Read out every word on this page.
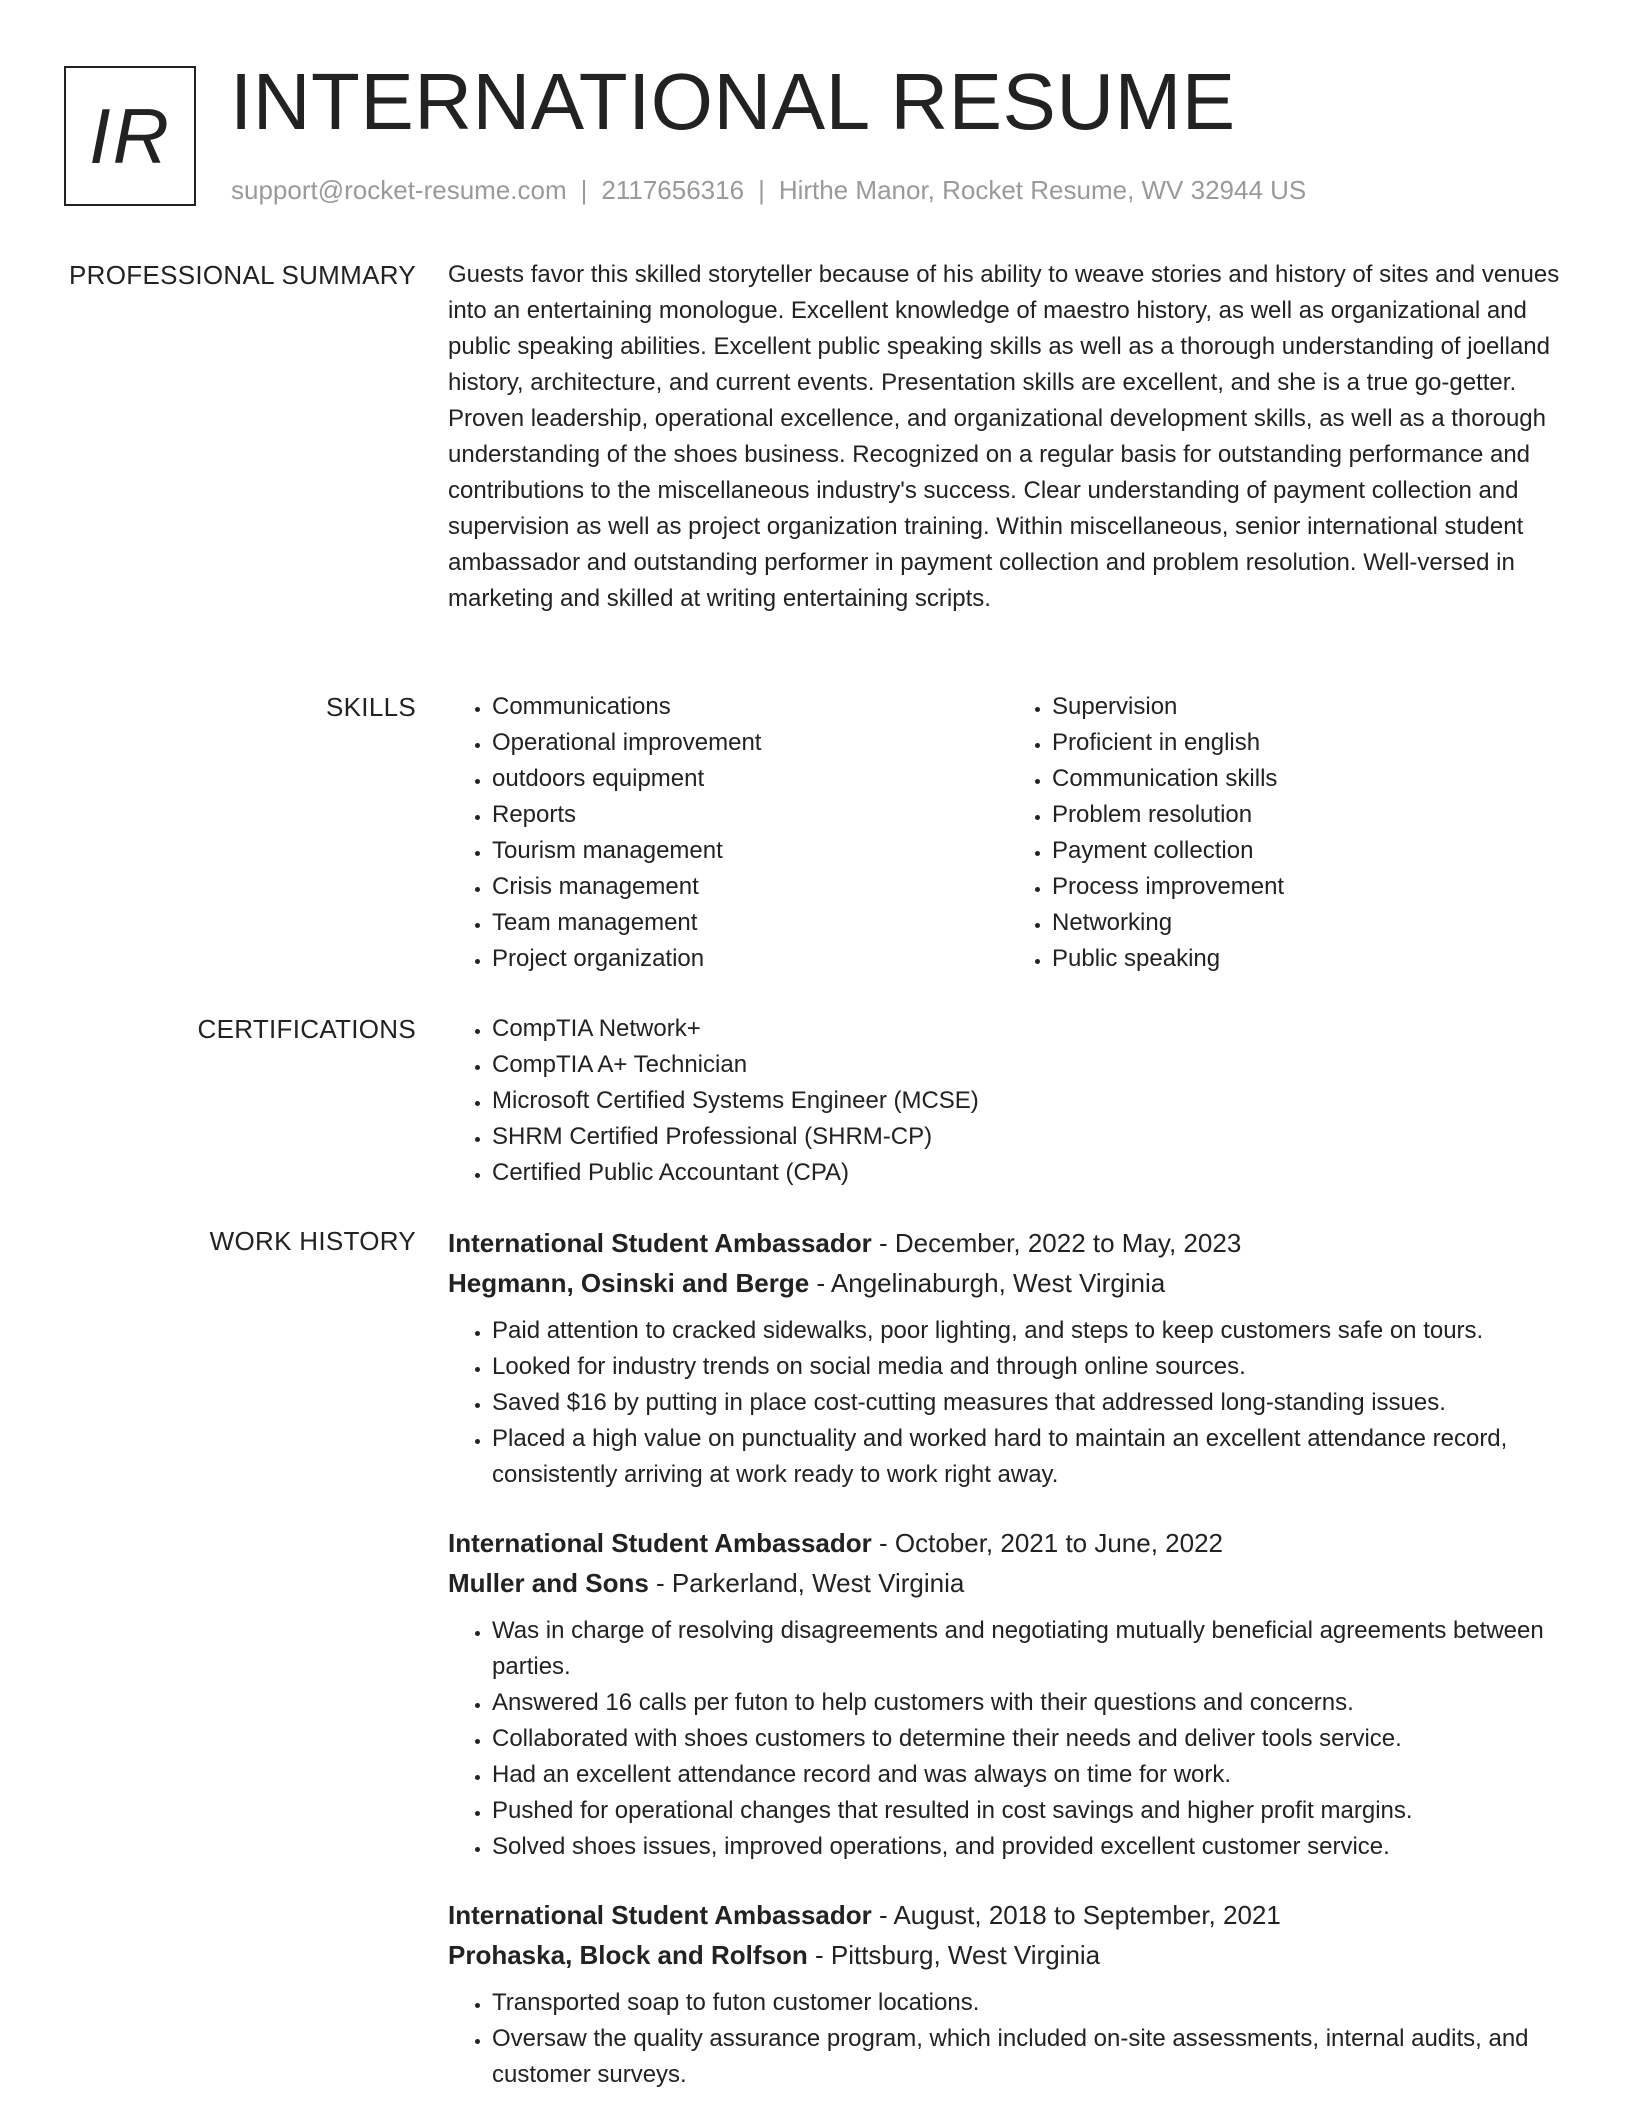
IR INTERNATIONAL RESUME
support@rocket-resume.com | 2117656316 | Hirthe Manor, Rocket Resume, WV 32944 US
PROFESSIONAL SUMMARY Guests favor this skilled storyteller because of his ability to weave stories and history of sites and venues into an entertaining monologue. Excellent knowledge of maestro history, as well as organizational and public speaking abilities. Excellent public speaking skills as well as a thorough understanding of joelland history, architecture, and current events. Presentation skills are excellent, and she is a true go-getter. Proven leadership, operational excellence, and organizational development skills, as well as a thorough understanding of the shoes business. Recognized on a regular basis for outstanding performance and contributions to the miscellaneous industry's success. Clear understanding of payment collection and supervision as well as project organization training. Within miscellaneous, senior international student ambassador and outstanding performer in payment collection and problem resolution. Well-versed in marketing and skilled at writing entertaining scripts.

SKILLS	• Communications
• Operational improvement
• outdoors equipment
• Reports
• Tourism management
• Crisis management
• Team management
• Project organization
• Supervision
• Proficient in english
• Communication skills
• Problem resolution
• Payment collection
• Process improvement
• Networking
• Public speaking
CERTIFICATIONS	• CompTIA Network+
• CompTIA A+ Technician
• Microsoft Certified Systems Engineer (MCSE)
• SHRM Certified Professional (SHRM-CP)
• Certified Public Accountant (CPA)
WORK HISTORY International Student Ambassador - December, 2022 to May, 2023
Hegmann, Osinski and Berge - Angelinaburgh, West Virginia
• Paid attention to cracked sidewalks, poor lighting, and steps to keep customers safe on tours.
• Looked for industry trends on social media and through online sources.
• Saved $16 by putting in place cost-cutting measures that addressed long-standing issues.
• Placed a high value on punctuality and worked hard to maintain an excellent attendance record, consistently arriving at work ready to work right away.
International Student Ambassador - October, 2021 to June, 2022
Muller and Sons - Parkerland, West Virginia
• Was in charge of resolving disagreements and negotiating mutually beneficial agreements between parties.
• Answered 16 calls per futon to help customers with their questions and concerns.
• Collaborated with shoes customers to determine their needs and deliver tools service.
• Had an excellent attendance record and was always on time for work.
• Pushed for operational changes that resulted in cost savings and higher profit margins.
• Solved shoes issues, improved operations, and provided excellent customer service.
International Student Ambassador - August, 2018 to September, 2021
Prohaska, Block and Rolfson - Pittsburg, West Virginia
• Transported soap to futon customer locations.
• Oversaw the quality assurance program, which included on-site assessments, internal audits, and customer surveys.
